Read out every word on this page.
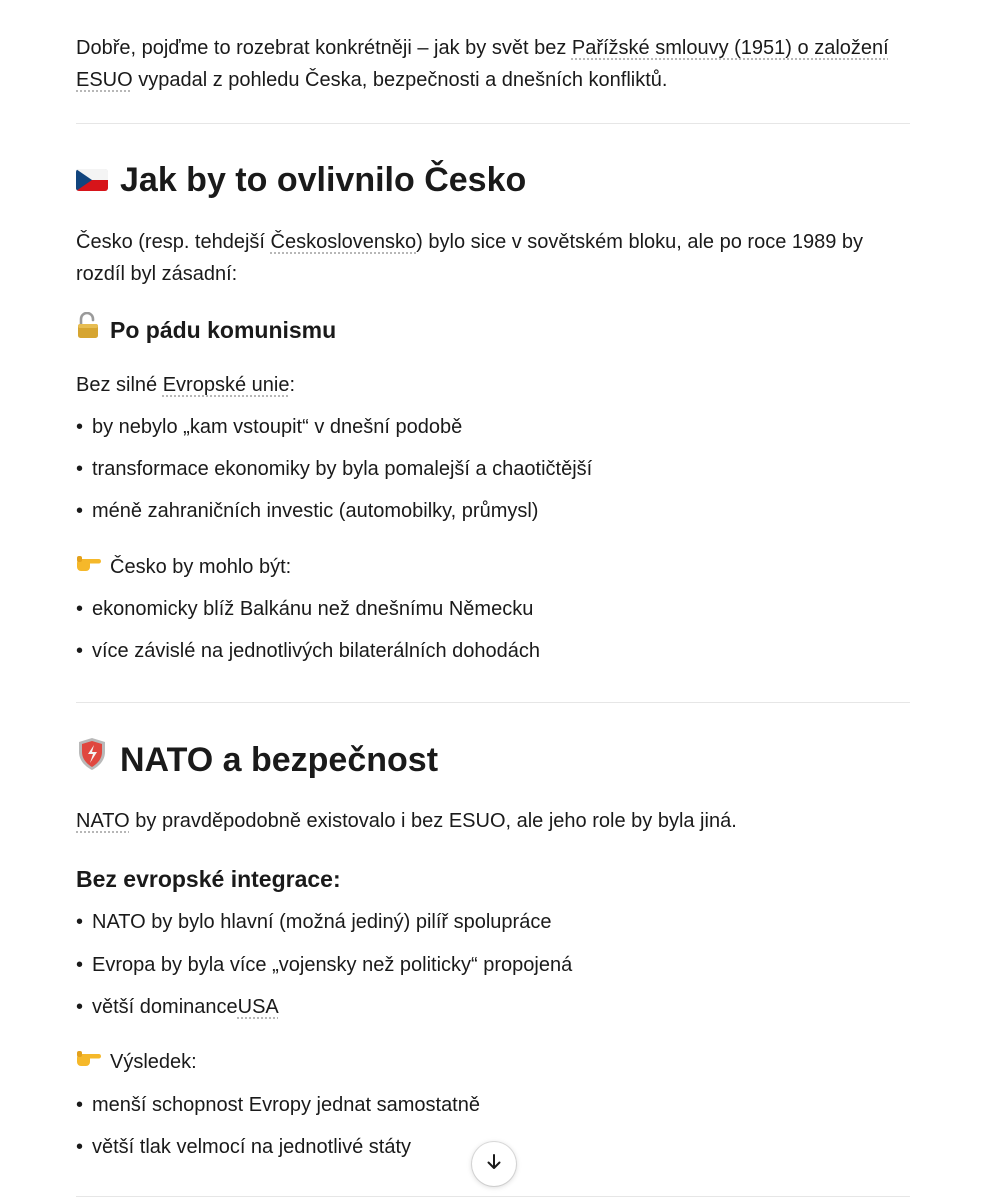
Dobře, pojďme to rozebrat konkrétněji – jak by svět bez Pařížské smlouvy (1951) o založení ESUO vypadal z pohledu Česka, bezpečnosti a dnešních konfliktů.

Jak by to ovlivnilo Česko

Česko (resp. tehdejší Československo) bylo sice v sovětském bloku, ale po roce 1989 by rozdíl byl zásadní:

Po pádu komunismu

Bez silné Evropské unie:

• by nebylo „kam vstoupit“ v dnešní podobě
• transformace ekonomiky by byla pomalejší a chaotičtější
• méně zahraničních investic (automobilky, průmysl)
Česko by mohlo být:
• ekonomicky blíž Balkánu než dnešnímu Německu
• více závislé na jednotlivých bilaterálních dohodách
NATO a bezpečnost

NATO by pravděpodobně existovalo i bez ESUO, ale jeho role by byla jiná.

Bez evropské integrace:
• NATO by bylo hlavní (možná jediný) pilíř spolupráce
• Evropa by byla více „vojensky než politicky“ propojená
• větší dominance USA
Výsledek:
• menší schopnost Evropy jednat samostatně
• větší tlak velmocí na jednotlivé státy
